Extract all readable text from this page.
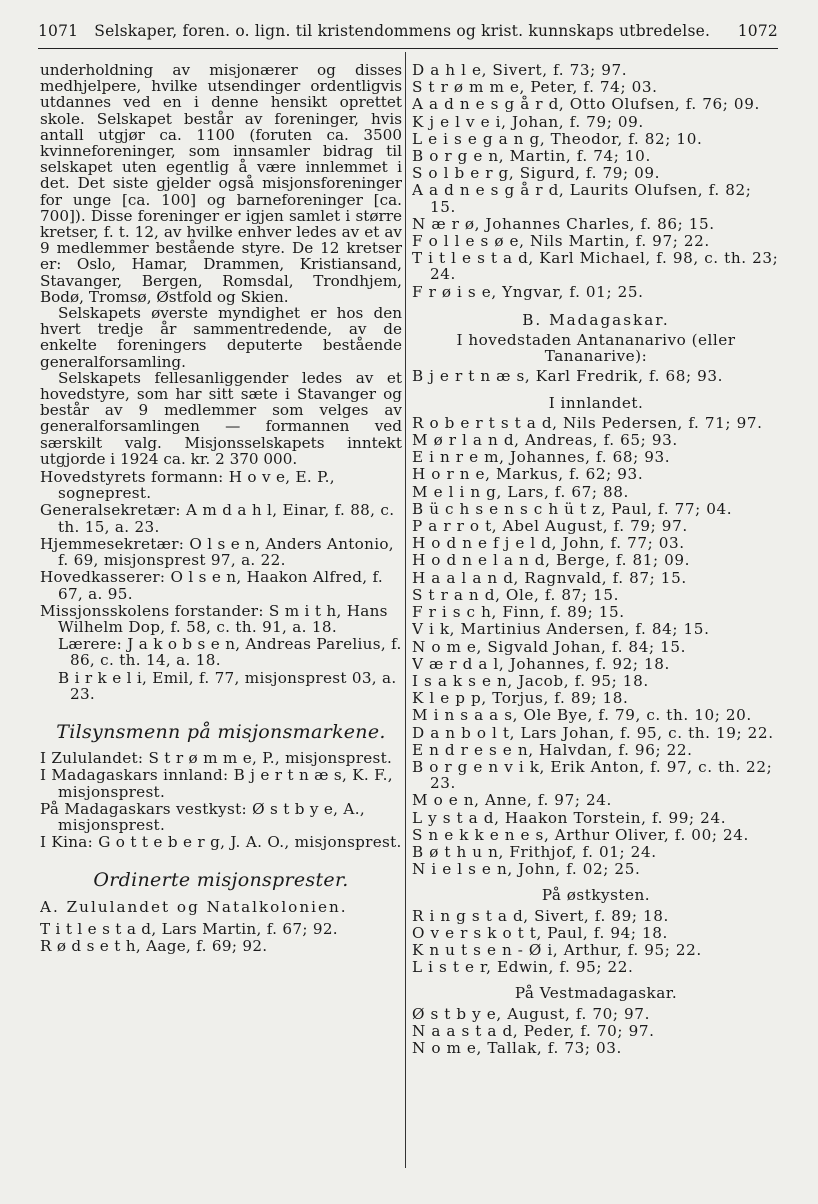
1071	Selskaper, foren. o. lign. til kristendommens og krist. kunnskaps utbredelse.	1072

underholdning av misjonærer og disses medhjelpere, hvilke utsendinger ordentligvis utdannes ved en i denne hensikt oprettet skole. Selskapet består av foreninger, hvis antall utgjør ca. 1100 (foruten ca. 3500 kvinneforeninger, som innsamler bidrag til selskapet uten egentlig å være innlemmet i det. Det siste gjelder også misjonsforeninger for unge [ca. 100] og barneforeninger [ca. 700]). Disse foreninger er igjen samlet i større kretser, f. t. 12, av hvilke enhver ledes av et av 9 medlemmer bestående styre. De 12 kretser er: Oslo, Hamar, Drammen, Kristiansand, Stavanger, Bergen, Romsdal, Trondhjem, Bodø, Tromsø, Østfold og Skien.

Selskapets øverste myndighet er hos den hvert tredje år sammentredende, av de enkelte foreningers deputerte bestående generalforsamling.

Selskapets fellesanliggender ledes av et hovedstyre, som har sitt sæte i Stavanger og består av 9 medlemmer som velges av generalforsamlingen — formannen ved særskilt valg. Misjonsselskapets inntekt utgjorde i 1924 ca. kr. 2 370 000.

Hovedstyrets formann: H o v e, E. P., sogneprest.

Generalsekretær: A m d a h l, Einar, f. 88, c. th. 15, a. 23.

Hjemmesekretær: O l s e n, Anders Antonio, f. 69, misjonsprest 97, a. 22.

Hovedkasserer: O l s e n, Haakon Alfred, f. 67, a. 95.

Missjonsskolens forstander: S m i t h, Hans Wilhelm Dop, f. 58, c. th. 91, a. 18.

Lærere: J a k o b s e n, Andreas Parelius, f. 86, c. th. 14, a. 18.

B i r k e l i, Emil, f. 77, misjonsprest 03, a. 23.

Tilsynsmenn på misjonsmarkene.

I Zululandet: S t r ø m m e, P., misjonsprest.

I Madagaskars innland: B j e r t n æ s, K. F., misjonsprest.

På Madagaskars vestkyst: Ø s t b y e, A., misjonsprest.

I Kina: G o t t e b e r g, J. A. O., misjonsprest.

Ordinerte misjonsprester.
A. Zululandet og Natalkolonien.

T i t l e s t a d, Lars Martin, f. 67; 92.

R ø d s e t h, Aage, f. 69; 92.

D a h l e, Sivert, f. 73; 97.

S t r ø m m e, Peter, f. 74; 03.

A a d n e s g å r d, Otto Olufsen, f. 76; 09.

K j e l v e i, Johan, f. 79; 09.

L e i s e g a n g, Theodor, f. 82; 10.

B o r g e n, Martin, f. 74; 10.

S o l b e r g, Sigurd, f. 79; 09.

A a d n e s g å r d, Laurits Olufsen, f. 82; 15.

N æ r ø, Johannes Charles, f. 86; 15.

F o l l e s ø e, Nils Martin, f. 97; 22.

T i t l e s t a d, Karl Michael, f. 98, c. th. 23; 24.

F r ø i s e, Yngvar, f. 01; 25.

B. Madagaskar.
I hovedstaden Antananarivo (eller Tananarive):

B j e r t n æ s, Karl Fredrik, f. 68; 93.

I innlandet.

R o b e r t s t a d, Nils Pedersen, f. 71; 97.

M ø r l a n d, Andreas, f. 65; 93.

E i n r e m, Johannes, f. 68; 93.

H o r n e, Markus, f. 62; 93.

M e l i n g, Lars, f. 67; 88.

B ü c h s e n s c h ü t z, Paul, f. 77; 04.

P a r r o t, Abel August, f. 79; 97.

H o d n e f j e l d, John, f. 77; 03.

H o d n e l a n d, Berge, f. 81; 09.

H a a l a n d, Ragnvald, f. 87; 15.

S t r a n d, Ole, f. 87; 15.

F r i s c h, Finn, f. 89; 15.

V i k, Martinius Andersen, f. 84; 15.

N o m e, Sigvald Johan, f. 84; 15.

V æ r d a l, Johannes, f. 92; 18.

I s a k s e n, Jacob, f. 95; 18.

K l e p p, Torjus, f. 89; 18.

M i n s a a s, Ole Bye, f. 79, c. th. 10; 20.

D a n b o l t, Lars Johan, f. 95, c. th. 19; 22.

E n d r e s e n, Halvdan, f. 96; 22.

B o r g e n v i k, Erik Anton, f. 97, c. th. 22; 23.

M o e n, Anne, f. 97; 24.

L y s t a d, Haakon Torstein, f. 99; 24.

S n e k k e n e s, Arthur Oliver, f. 00; 24.

B ø t h u n, Frithjof, f. 01; 24.

N i e l s e n, John, f. 02; 25.

På østkysten.

R i n g s t a d, Sivert, f. 89; 18.

O v e r s k o t t, Paul, f. 94; 18.

K n u t s e n - Ø i, Arthur, f. 95; 22.

L i s t e r, Edwin, f. 95; 22.

På Vestmadagaskar.

Ø s t b y e, August, f. 70; 97.

N a a s t a d, Peder, f. 70; 97.

N o m e, Tallak, f. 73; 03.
